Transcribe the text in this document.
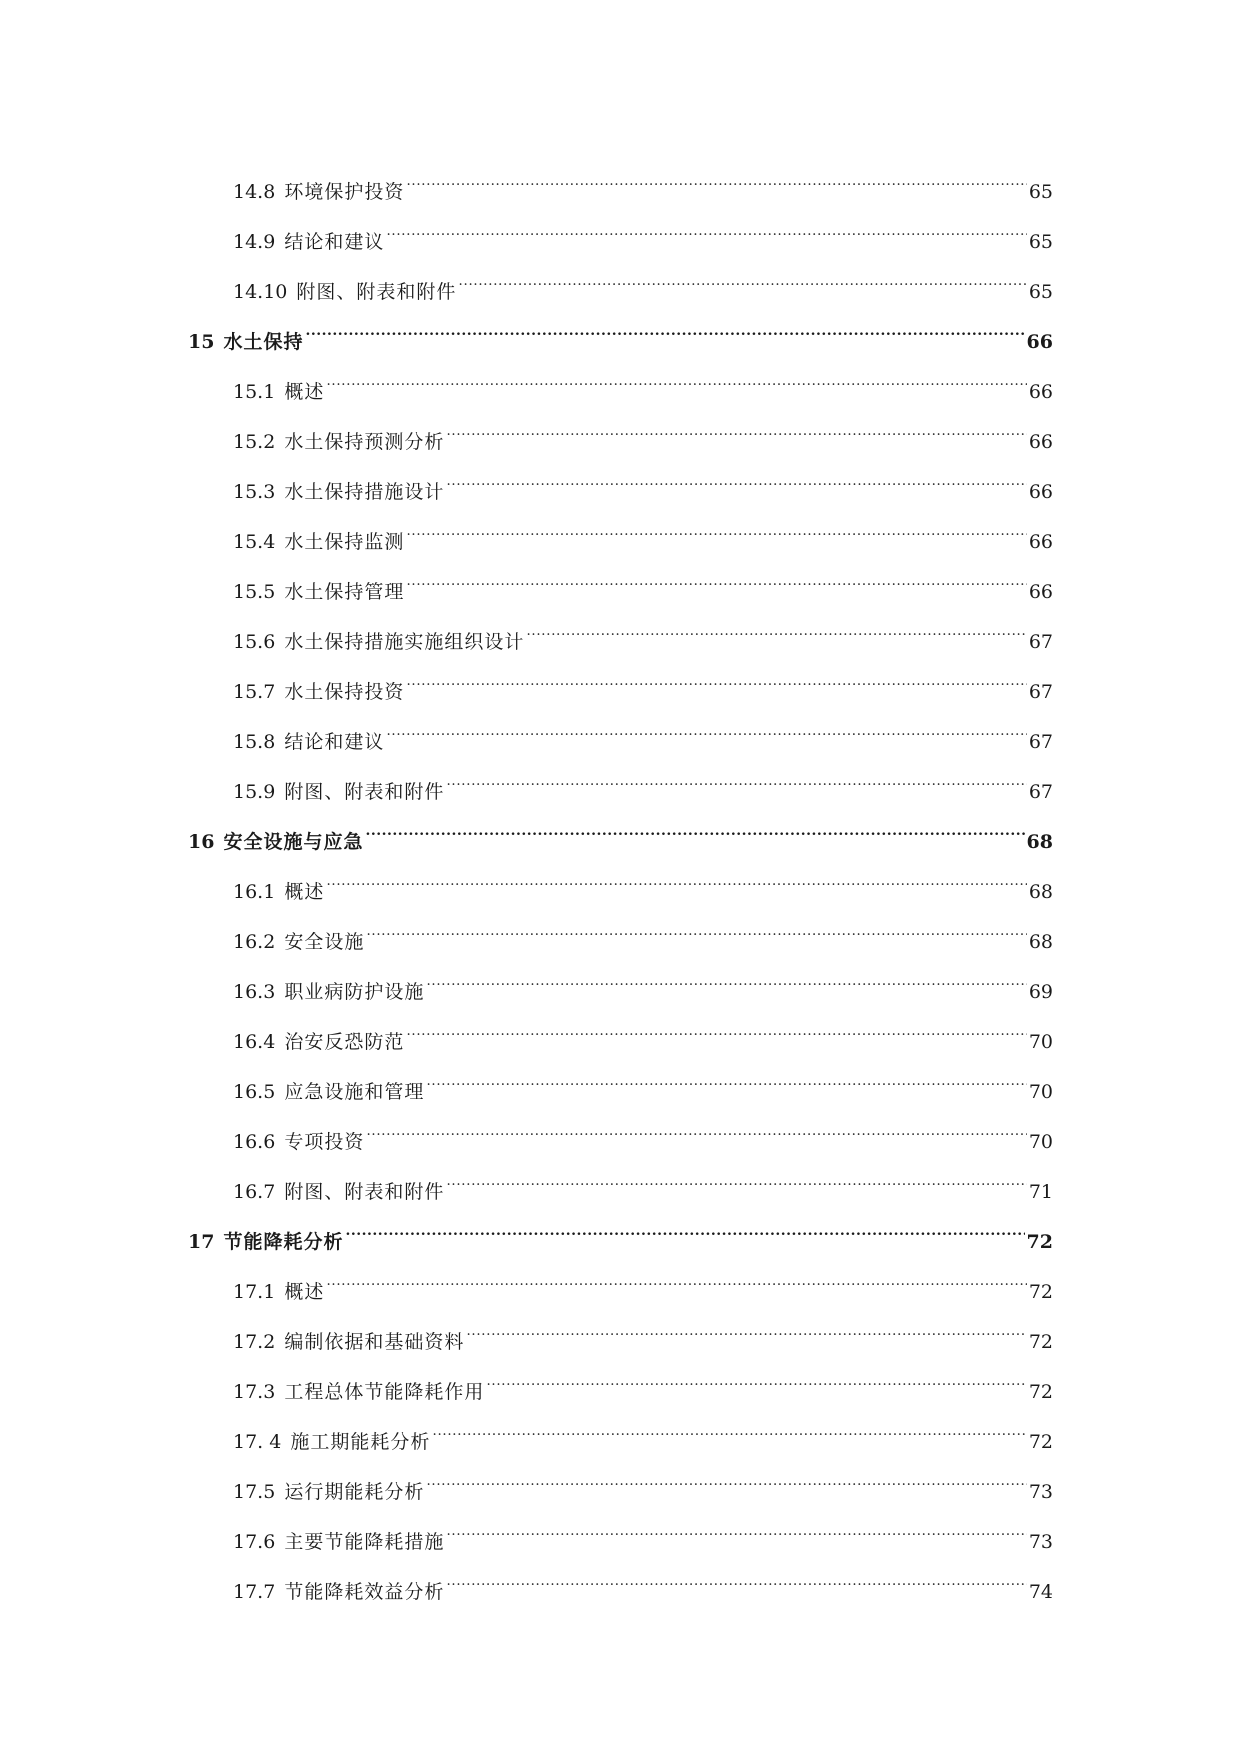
14.8 环境保护投资 .....	65
14.9 结论和建议 .....	65
14.10 附图、附表和附件 .....	65
15 水土保持 .....	66
15.1 概述 .....	66
15.2 水土保持预测分析 .....	66
15.3 水土保持措施设计 .....	66
15.4 水土保持监测 .....	66
15.5 水土保持管理 .....	66
15.6 水土保持措施实施组织设计 .....	67
15.7 水土保持投资 .....	67
15.8 结论和建议 .....	67
15.9 附图、附表和附件 .....	67
16 安全设施与应急 .....	68
16.1 概述 .....	68
16.2 安全设施 .....	68
16.3 职业病防护设施 .....	69
16.4 治安反恐防范 .....	70
16.5 应急设施和管理 .....	70
16.6 专项投资 .....	70
16.7 附图、附表和附件 .....	71
17 节能降耗分析 .....	72
17.1 概述 .....	72
17.2 编制依据和基础资料 .....	72
17.3 工程总体节能降耗作用 .....	72
17. 4 施工期能耗分析 .....	72
17.5 运行期能耗分析 .....	73
17.6 主要节能降耗措施 .....	73
17.7 节能降耗效益分析 .....	74
